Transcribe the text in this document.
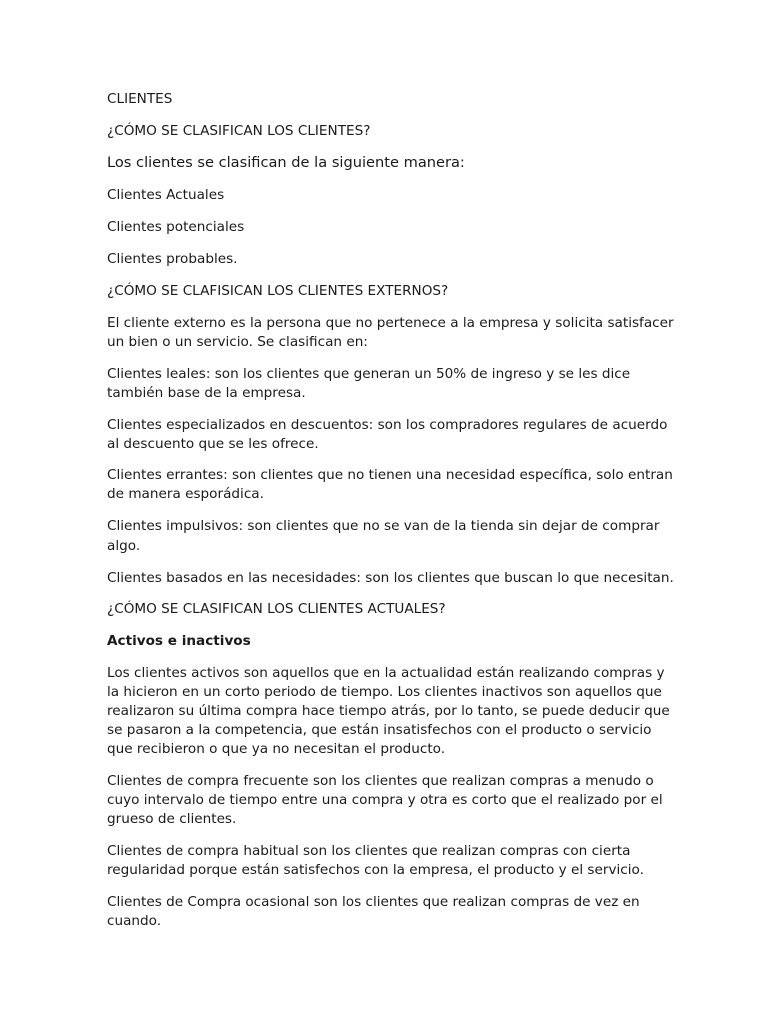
CLIENTES

¿CÓMO SE CLASIFICAN LOS CLIENTES?

Los clientes se clasifican de la siguiente manera:

Clientes Actuales

Clientes potenciales

Clientes probables.

¿CÓMO SE CLAFISICAN LOS CLIENTES EXTERNOS?

El cliente externo es la persona que no pertenece a la empresa y solicita satisfacer

un bien o un servicio. Se clasifican en:

Clientes leales: son los clientes que generan un 50% de ingreso y se les dice

también base de la empresa.

Clientes especializados en descuentos: son los compradores regulares de acuerdo

al descuento que se les ofrece.

Clientes errantes: son clientes que no tienen una necesidad específica, solo entran

de manera esporádica.

Clientes impulsivos: son clientes que no se van de la tienda sin dejar de comprar

algo.

Clientes basados en las necesidades: son los clientes que buscan lo que necesitan.

¿CÓMO SE CLASIFICAN LOS CLIENTES ACTUALES?

Activos e inactivos

Los clientes activos son aquellos que en la actualidad están realizando compras y

la hicieron en un corto periodo de tiempo. Los clientes inactivos son aquellos que

realizaron su última compra hace tiempo atrás, por lo tanto, se puede deducir que

se pasaron a la competencia, que están insatisfechos con el producto o servicio

que recibieron o que ya no necesitan el producto.

Clientes de compra frecuente son los clientes que realizan compras a menudo o

cuyo intervalo de tiempo entre una compra y otra es corto que el realizado por el

grueso de clientes.

Clientes de compra habitual son los clientes que realizan compras con cierta

regularidad porque están satisfechos con la empresa, el producto y el servicio.

Clientes de Compra ocasional son los clientes que realizan compras de vez en

cuando.
